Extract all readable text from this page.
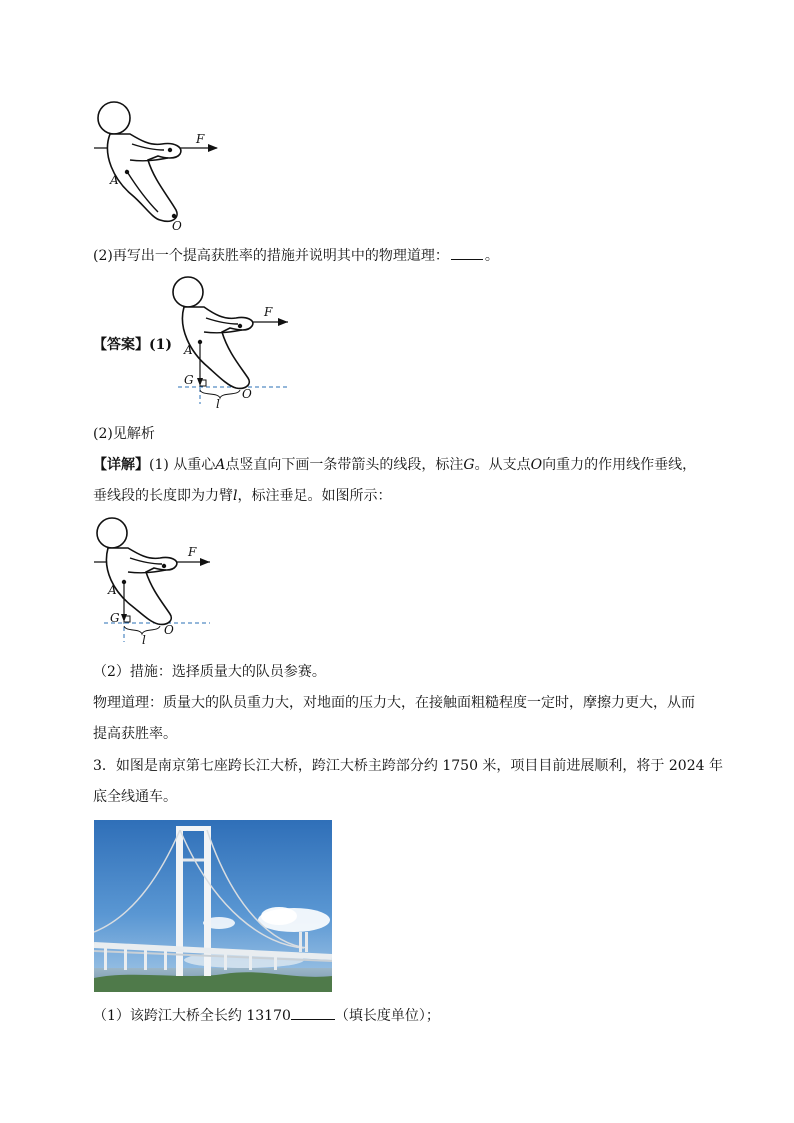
F
A
O
(2)再写出一个提高获胜率的措施并说明其中的物理道理：	。
【答案】(1)
F
A
G
l
O
(2)见解析
【详解】(1) 从重心A点竖直向下画一条带箭头的线段，标注G。从支点O向重力的作用线作垂线，
垂线段的长度即为力臂l，标注垂足。如图所示：
F
A
G
l
O
（2）措施：选择质量大的队员参赛。
物理道理：质量大的队员重力大，对地面的压力大，在接触面粗糙程度一定时，摩擦力更大，从而
提高获胜率。
3．如图是南京第七座跨长江大桥，跨江大桥主跨部分约 1750 米，项目目前进展顺利，将于 2024 年
底全线通车。
（1）该跨江大桥全长约 13170	（填长度单位）；
